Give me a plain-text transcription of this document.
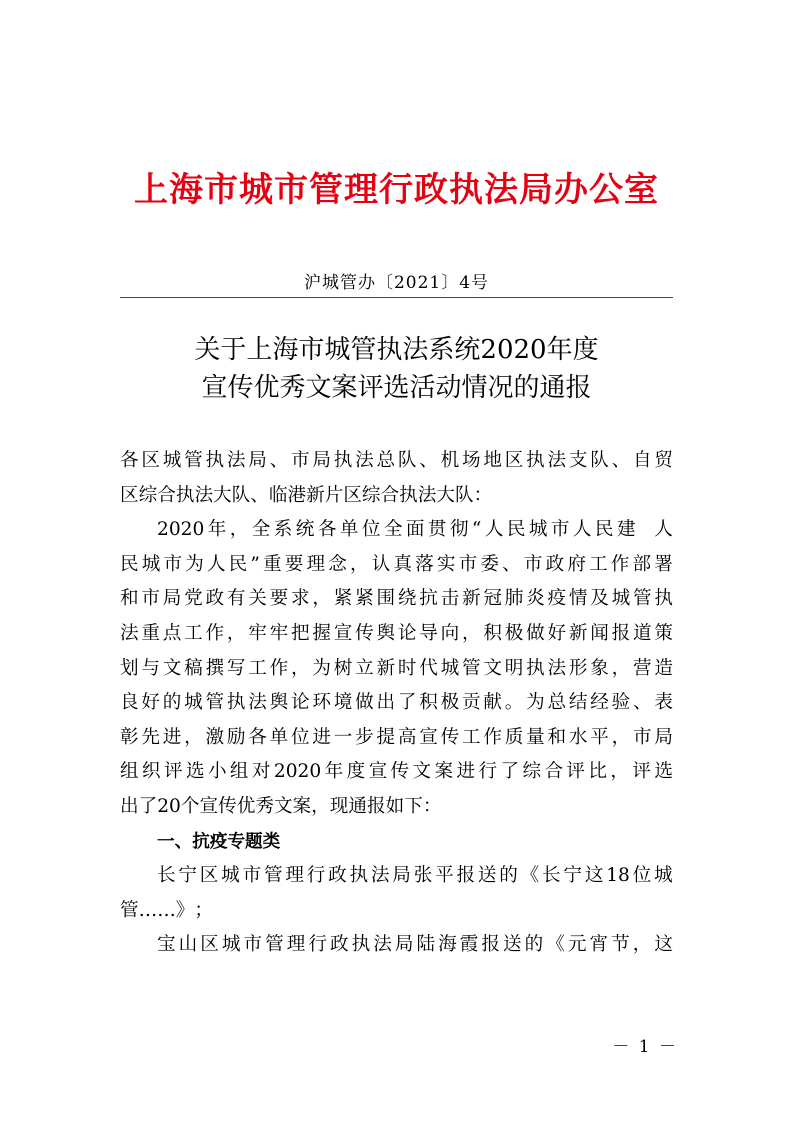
上海市城市管理行政执法局办公室
沪城管办〔2021〕4号
关于上海市城管执法系统2020年度
宣传优秀文案评选活动情况的通报
各 区 城 管 执 法 局 、 市 局 执 法 总 队 、 机 场 地 区 执 法 支 队 、 自 贸
区 综 合 执 法 大 队 、 临 港 新 片 区 综 合 执 法 大 队 ：
2020 年 ， 全 系 统 各 单 位 全 面 贯 彻 “ 人 民 城 市 人 民 建
人
民 城 市 为 人 民 ” 重 要 理 念 ， 认 真 落 实 市 委 、 市 政 府 工 作 部 署
和 市 局 党 政 有 关 要 求 ， 紧 紧 围 绕 抗 击 新 冠 肺 炎 疫 情 及 城 管 执
法 重 点 工 作 ， 牢 牢 把 握 宣 传 舆 论 导 向 ， 积 极 做 好 新 闻 报 道 策
划 与 文 稿 撰 写 工 作 ， 为 树 立 新 时 代 城 管 文 明 执 法 形 象 ， 营 造
良 好 的 城 管 执 法 舆 论 环 境 做 出 了 积 极 贡 献 。 为 总 结 经 验 、 表
彰 先 进 ， 激 励 各 单 位 进 一 步 提 高 宣 传 工 作 质 量 和 水 平 ， 市 局
组 织 评 选 小 组 对 2020 年 度 宣 传 文 案 进 行 了 综 合 评 比 ， 评 选
出 了 20 个 宣 传 优 秀 文 案 ， 现 通 报 如 下 ：
一 、 抗 疫 专 题 类
长 宁 区 城 市 管 理 行 政 执 法 局 张 平 报 送 的 《 长 宁 这 18 位 城
管 … … 》 ；
宝 山 区 城 市 管 理 行 政 执 法 局 陆 海 霞 报 送 的 《 元 宵 节 ， 这
－ 1 －
